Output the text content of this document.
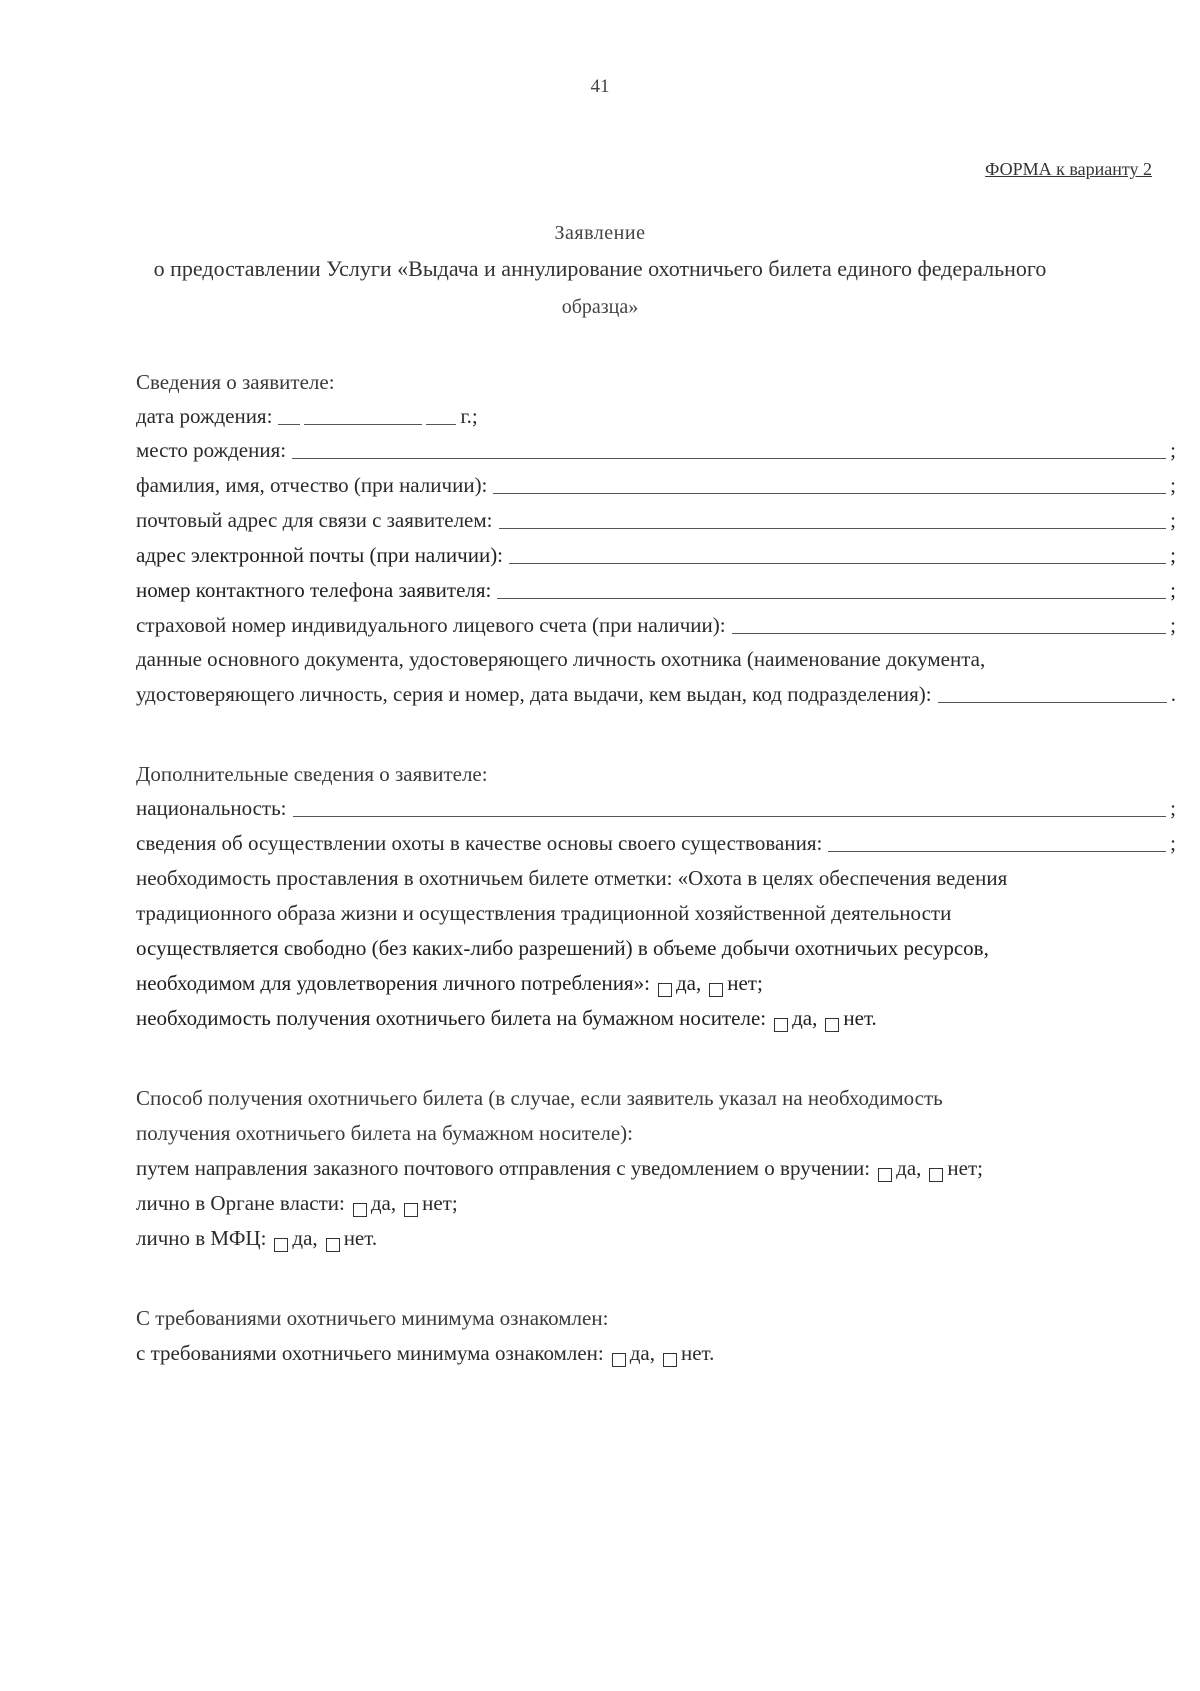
41
ФОРМА к варианту 2
Заявление
о предоставлении Услуги «Выдача и аннулирование охотничьего билета единого федерального
образца»
Сведения о заявителе:
дата рождения:	г.;
место рождения:	;
фамилия, имя, отчество (при наличии):	;
почтовый адрес для связи с заявителем:	;
адрес электронной почты (при наличии):	;
номер контактного телефона заявителя:	;
страховой номер индивидуального лицевого счета (при наличии):	;
данные основного документа, удостоверяющего личность охотника (наименование документа,
удостоверяющего личность, серия и номер, дата выдачи, кем выдан, код подразделения):	.
Дополнительные сведения о заявителе:
национальность:	;
сведения об осуществлении охоты в качестве основы своего существования:	;
необходимость проставления в охотничьем билете отметки: «Охота в целях обеспечения ведения
традиционного образа жизни и осуществления традиционной хозяйственной деятельности
осуществляется свободно (без каких-либо разрешений) в объеме добычи охотничьих ресурсов,
необходимом для удовлетворения личного потребления»: да, нет;
необходимость получения охотничьего билета на бумажном носителе: да, нет.
Способ получения охотничьего билета (в случае, если заявитель указал на необходимость
получения охотничьего билета на бумажном носителе):
путем направления заказного почтового отправления с уведомлением о вручении: да, нет;
лично в Органе власти: да, нет;
лично в МФЦ: да, нет.
С требованиями охотничьего минимума ознакомлен:
с требованиями охотничьего минимума ознакомлен: да, нет.
